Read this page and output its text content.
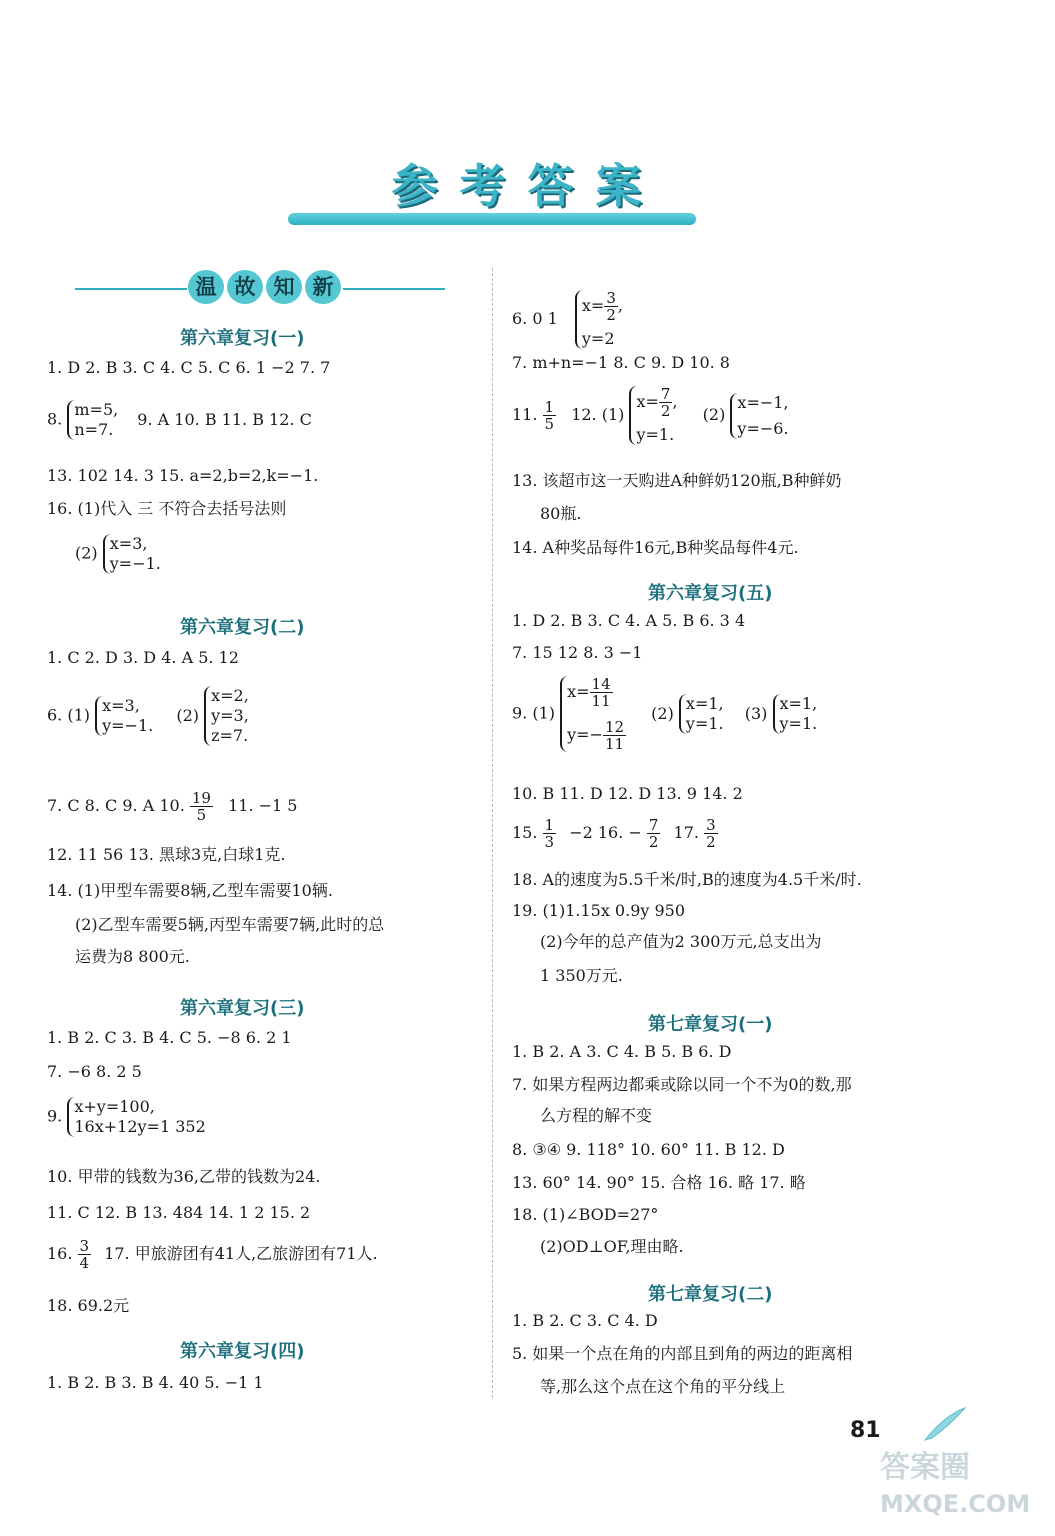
参考答案
温 故 知 新
第六章复习(一)
1. D 2. B 3. C 4. C 5. C 6. 1 −2 7. 7
8. m=5,
n=7.
9. A 10. B 11. B 12. C
13. 102 14. 3 15. a=2,b=2,k=−1.
16. (1)代入 三 不符合去括号法则
(2) x=3,
y=−1.
第六章复习(二)
1. C 2. D 3. D 4. A 5. 12
6. (1) x=3,
y=−1.
(2)
x=2,
y=3,
z=7.
7. C 8. C 9. A 10. $\frac{19}{5} 11$. −1 5
12. 11 56 13. 黑球3克,白球1克.
14. (1)甲型车需要8辆,乙型车需要10辆.
(2)乙型车需要5辆,丙型车需要7辆,此时的总
运费为8 800元.
第六章复习(三)
1. B 2. C 3. B 4. C 5. −8 6. 2 1
7. −6 8. 2 5
9. x+y=100,
16x+12y=1 352
10. 甲带的钱数为36,乙带的钱数为24.
11. C 12. B 13. 484 14. 1 2 15. 2
16. $\frac{3}{4} 17$. 甲旅游团有41人,乙旅游团有71人.
18. 69.2元
第六章复习(四)
1. B 2. B 3. B 4. 40 5. −1 1
6. 0 1
$x= \frac{3}{2}$ ,
y=2
7. m+n=−1 8. C 9. D 10. 8
11. $\frac{1}{5} 12$. (1)
$x= \frac{7}{2}$ ,
y=1.
(2)
x=−1,
y=−6.
13. 该超市这一天购进A种鲜奶120瓶,B种鲜奶
80瓶.
14. A种奖品每件16元,B种奖品每件4元.
第六章复习(五)
1. D 2. B 3. C 4. A 5. B 6. 3 4
7. 15 12 8. 3 −1
9. (1)
$x= \frac{14}{11}$
$y=- \frac{12}{11}$
(2) x=1,
y=1.
(3) x=1,
y=1.
10. B 11. D 12. D 13. 9 14. 2
15. $\frac{1}{3} -2$ 16. − $\frac{7}{2} 17$. $\frac{3}{2}$
18. A的速度为5.5千米/时,B的速度为4.5千米/时.
19. (1)1.15x 0.9y 950
(2)今年的总产值为2 300万元,总支出为
1 350万元.
第七章复习(一)
1. B 2. A 3. C 4. B 5. B 6. D
7. 如果方程两边都乘或除以同一个不为0的数,那
么方程的解不变
8. ③④ 9. 118° 10. 60° 11. B 12. D
13. 60° 14. 90° 15. 合格 16. 略 17. 略
18. (1)∠BOD=27°
(2)OD⊥OF,理由略.
第七章复习(二)
1. B 2. C 3. C 4. D
5. 如果一个点在角的内部且到角的两边的距离相
等,那么这个点在这个角的平分线上
81
答案圈
MXQE.COM
